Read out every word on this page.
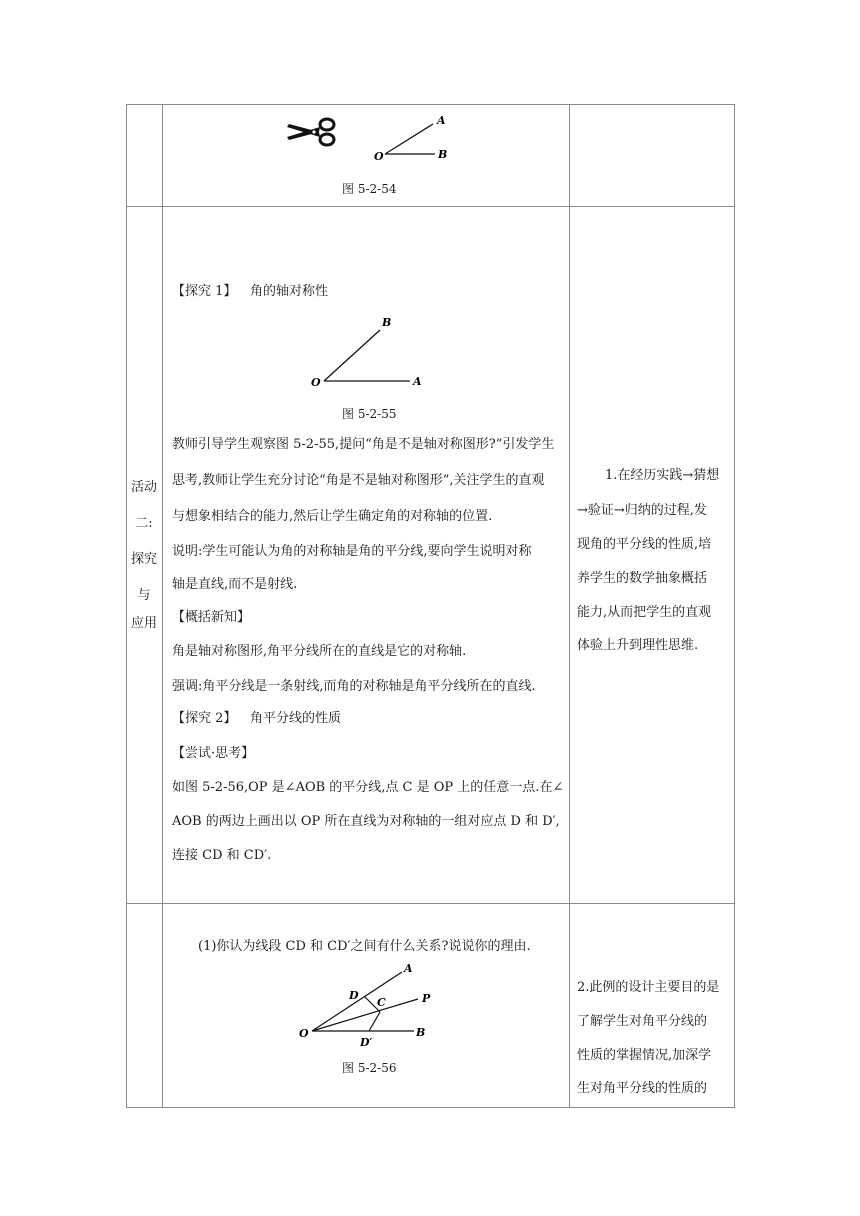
A
B
O
图 5-2-54
活动
二:
探究
与
应用
【探究 1】 角的轴对称性
B
A
O
图 5-2-55
教师引导学生观察图 5-2-55,提问“角是不是轴对称图形?”引发学生
思考,教师让学生充分讨论“角是不是轴对称图形”,关注学生的直观
与想象相结合的能力,然后让学生确定角的对称轴的位置.
说明:学生可能认为角的对称轴是角的平分线,要向学生说明对称
轴是直线,而不是射线.
【概括新知】
角是轴对称图形,角平分线所在的直线是它的对称轴.
强调:角平分线是一条射线,而角的对称轴是角平分线所在的直线.
【探究 2】 角平分线的性质
【尝试·思考】
如图 5-2-56,OP 是∠AOB 的平分线,点 C 是 OP 上的任意一点.在∠
AOB 的两边上画出以 OP 所在直线为对称轴的一组对应点 D 和 D′,
连接 CD 和 CD′.
1.在经历实践→猜想
→验证→归纳的过程,发
现角的平分线的性质,培
养学生的数学抽象概括
能力,从而把学生的直观
体验上升到理性思维.
(1)你认为线段 CD 和 CD′之间有什么关系?说说你的理由.
A
P
D
C
B
O
D′
图 5-2-56
2.此例的设计主要目的是
了解学生对角平分线的
性质的掌握情况,加深学
生对角平分线的性质的
